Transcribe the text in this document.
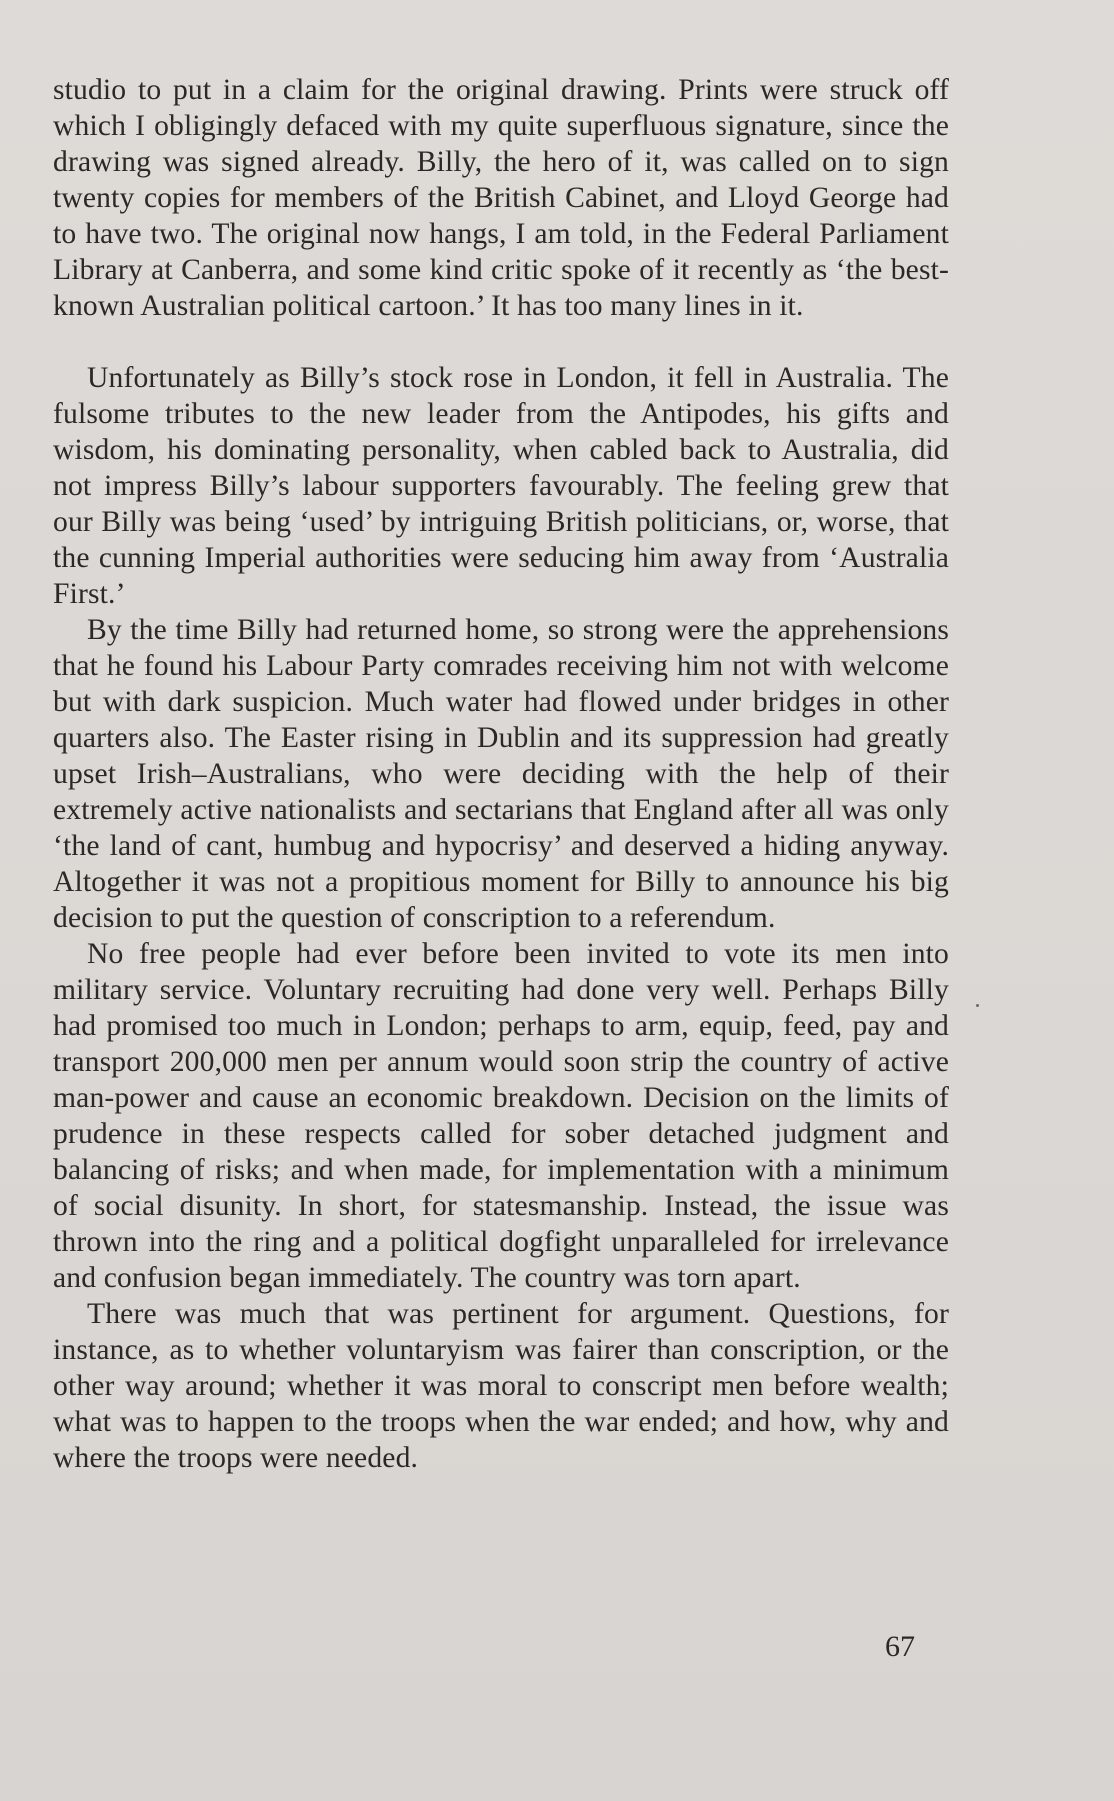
studio to put in a claim for the original drawing. Prints were struck off which I obligingly defaced with my quite superfluous signature, since the drawing was signed already. Billy, the hero of it, was called on to sign twenty copies for members of the British Cabinet, and Lloyd George had to have two. The original now hangs, I am told, in the Federal Parliament Library at Canberra, and some kind critic spoke of it recently as ‘the best-known Australian political cartoon.’ It has too many lines in it.

Unfortunately as Billy’s stock rose in London, it fell in Australia. The fulsome tributes to the new leader from the Antipodes, his gifts and wisdom, his dominating personality, when cabled back to Australia, did not impress Billy’s labour supporters favourably. The feeling grew that our Billy was being ‘used’ by intriguing British politicians, or, worse, that the cunning Imperial authorities were seducing him away from ‘Australia First.’

By the time Billy had returned home, so strong were the apprehensions that he found his Labour Party comrades receiving him not with welcome but with dark suspicion. Much water had flowed under bridges in other quarters also. The Easter rising in Dublin and its suppression had greatly upset Irish–Australians, who were deciding with the help of their extremely active nationalists and sectarians that England after all was only ‘the land of cant, humbug and hypocrisy’ and deserved a hiding anyway. Altogether it was not a propitious moment for Billy to announce his big decision to put the question of conscription to a referendum.

No free people had ever before been invited to vote its men into military service. Voluntary recruiting had done very well. Perhaps Billy had promised too much in London; perhaps to arm, equip, feed, pay and transport 200,000 men per annum would soon strip the country of active man-power and cause an economic breakdown. Decision on the limits of prudence in these respects called for sober detached judgment and balancing of risks; and when made, for implementation with a minimum of social disunity. In short, for statesmanship. Instead, the issue was thrown into the ring and a political dogfight unparalleled for irrelevance and confusion began immediately. The country was torn apart.

There was much that was pertinent for argument. Questions, for instance, as to whether voluntaryism was fairer than conscription, or the other way around; whether it was moral to conscript men before wealth; what was to happen to the troops when the war ended; and how, why and where the troops were needed.

67
